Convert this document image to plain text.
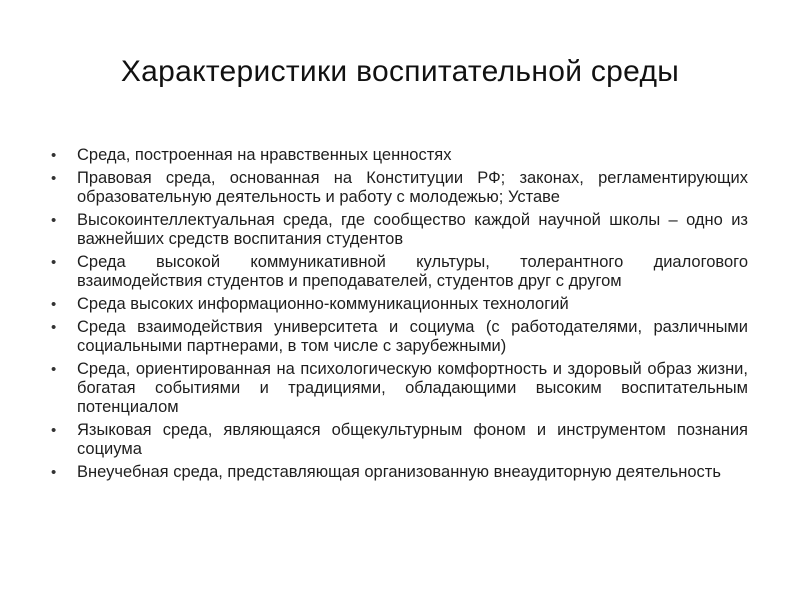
Характеристики воспитательной среды
• Среда, построенная на нравственных ценностях
• Правовая среда, основанная на Конституции РФ; законах, регламентирующих образовательную деятельность и работу с молодежью; Уставе
• Высокоинтеллектуальная среда, где сообщество каждой научной школы – одно из важнейших средств воспитания студентов
• Среда высокой коммуникативной культуры, толерантного диалогового взаимодействия студентов и преподавателей, студентов друг с другом
• Среда высоких информационно-коммуникационных технологий
• Среда взаимодействия университета и социума (с работодателями, различными социальными партнерами, в том числе с зарубежными)
• Среда, ориентированная на психологическую комфортность и здоровый образ жизни, богатая событиями и традициями, обладающими высоким воспитательным потенциалом
• Языковая среда, являющаяся общекультурным фоном и инструментом познания социума
• Внеучебная среда, представляющая организованную внеаудиторную деятельность
